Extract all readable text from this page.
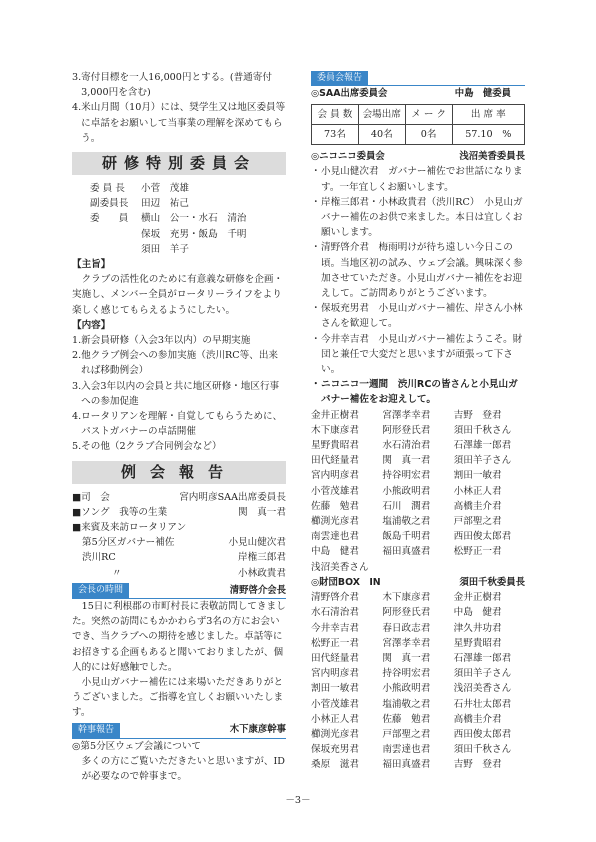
3. 寄付目標を一人16,000円とする。(普通寄付3,000円を含む)
4. 米山月間（10月）には、奨学生又は地区委員等に卓話をお願いして当事業の理解を深めてもらう。
研修特別委員会
委 員 長	小菅　茂雄
副委員長	田辺　祐己
委　　員	横山　公一・水石　清治
保坂　充男・飯島　千明
須田　羊子

【主旨】

クラブの活性化のために有意義な研修を企画・実施し、メンバー全員がロータリーライフをより楽しく感じてもらえるようにしたい。

【内容】

1. 新会員研修（入会3年以内）の早期実施
2. 他クラブ例会への参加実施（渋川RC等、出来れば移動例会）
3. 入会3年以内の会員と共に地区研修・地区行事への参加促進
4. ロータリアンを理解・自覚してもらうために、パストガバナーの卓話開催
5. その他（2クラブ合同例会など）
例会報告
■司　会	宮内明彦SAA出席委員長
■ソング　我等の生業	関　真一君
■来賓及来訪ロータリアン
第5分区ガバナー補佐	小見山健次君
渋川RC	岸権三郎君
〃	小林政貴君
会長の時間	清野啓介会長

15日に利根郡の市町村長に表敬訪問してきました。突然の訪問にもかかわらず3名の方にお会いでき、当クラブへの期待を感じました。卓話等にお招きする企画もあると聞いておりましたが、個人的には好感触でした。

小見山ガバナー補佐には来場いただきありがとうございました。ご指導を宜しくお願いいたします。

幹事報告	木下康彦幹事

◎第5分区ウェブ会議について

多くの方にご覧いただきたいと思いますが、IDが必要なので幹事まで。

委員会報告
◎SAA出席委員会	中島　健委員
会 員 数	会場出席	メ ー ク	出 席 率
73名	40名	0名	57.10　%
◎ニコニコ委員会	浅沼美香委員長
・ 小見山健次君　ガバナー補佐でお世話になります。一年宜しくお願いします。
・ 岸権三郎君・小林政貴君（渋川RC）　小見山ガバナー補佐のお供で来ました。本日は宜しくお願いします。
・ 清野啓介君　梅雨明けが待ち遠しい今日この頃。当地区初の試み、ウェブ会議。興味深く参加させていただき。小見山ガバナー補佐をお迎えして。ご訪問ありがとうございます。
・ 保坂充男君　小見山ガバナー補佐、岸さん小林さんを歓迎して。
・ 今井幸吉君　小見山ガバナー補佐ようこそ。財団と兼任で大変だと思いますが頑張って下さい。
・ ニコニコ一週間　渋川RCの皆さんと小見山ガバナー補佐をお迎えして。
金井正樹君	宮澤孝幸君	吉野　登君
木下康彦君	阿形登氏君	須田千秋さん
星野貴昭君	水石清治君	石澤雄一郎君
田代経量君	関　真一君	須田羊子さん
宮内明彦君	持谷明宏君	割田一敏君
小菅茂雄君	小熊政明君	小林正人君
佐藤　勉君	石川　潤君	高橋圭介君
櫛渕光彦君	塩浦敬之君	戸部聖之君
南雲達也君	飯島千明君	西田俊太郎君
中島　健君	福田真盛君	松野正一君
浅沼美香さん
◎財団BOX　IN	須田千秋委員長
清野啓介君	木下康彦君	金井正樹君
水石清治君	阿形登氏君	中島　健君
今井幸吉君	春日政志君	津久井功君
松野正一君	宮澤孝幸君	星野貴昭君
田代経量君	関　真一君	石澤雄一郎君
宮内明彦君	持谷明宏君	須田羊子さん
割田一敏君	小熊政明君	浅沼美香さん
小菅茂雄君	塩浦敬之君	石井壮太郎君
小林正人君	佐藤　勉君	高橋圭介君
櫛渕光彦君	戸部聖之君	西田俊太郎君
保坂充男君	南雲達也君	須田千秋さん
桑原　滋君	福田真盛君	吉野　登君
－3－
